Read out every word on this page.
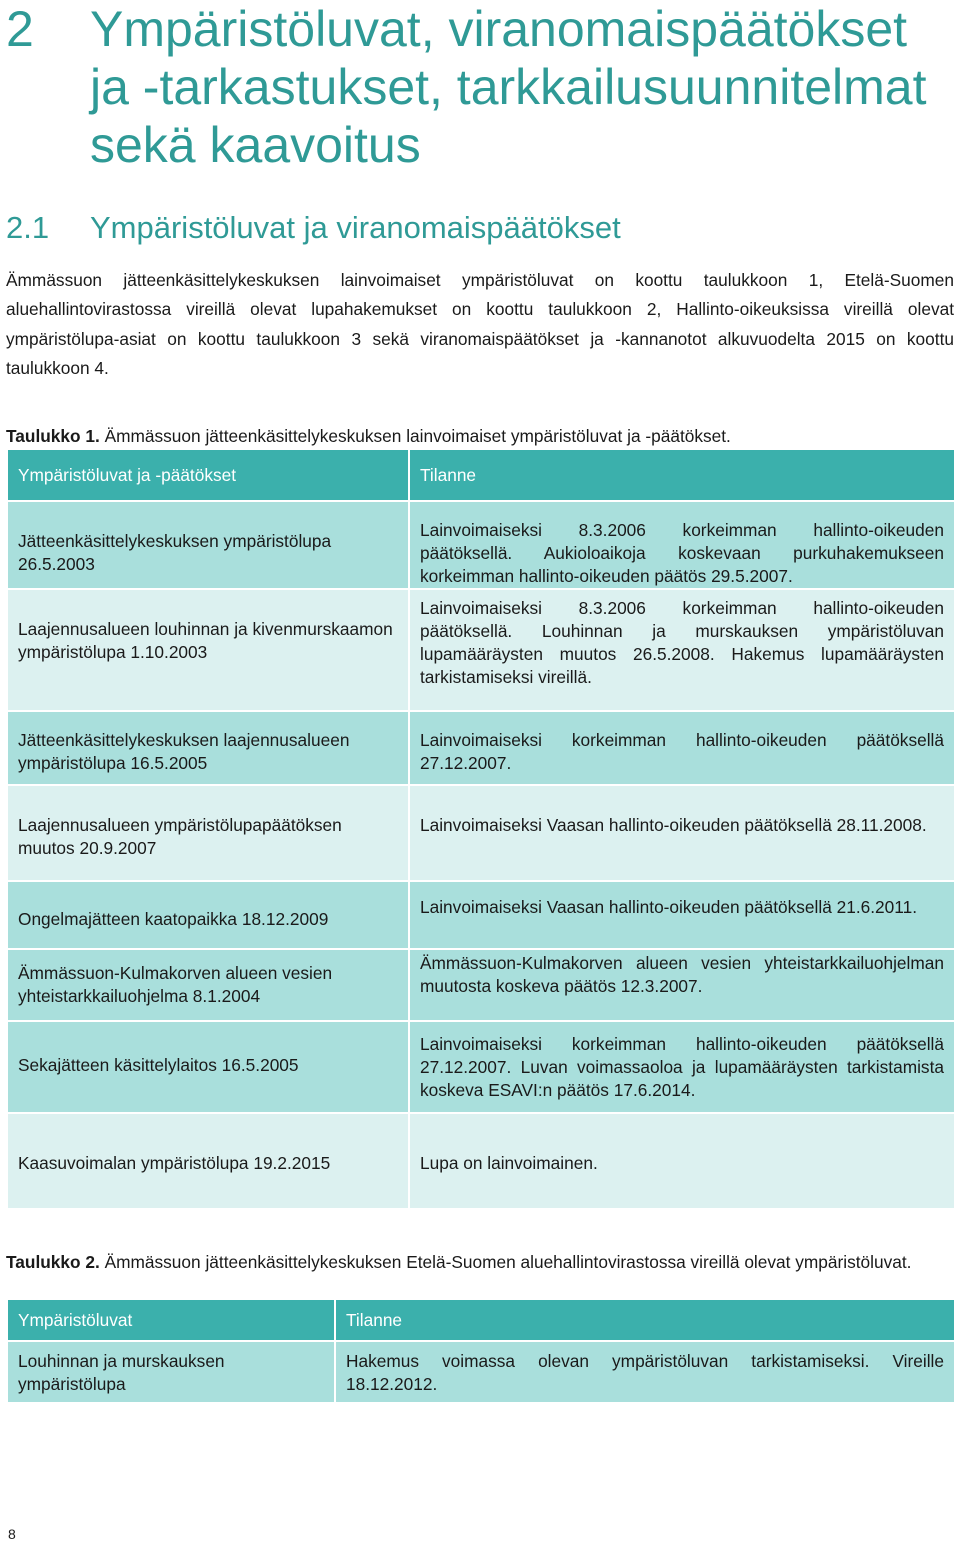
2 Ympäristöluvat, viranomaispäätökset
ja -tarkastukset, tarkkailusuunnitelmat
sekä kaavoitus
2.1 Ympäristöluvat ja viranomaispäätökset

Ämmässuon jätteenkäsittelykeskuksen lainvoimaiset ympäristöluvat on koottu taulukkoon 1, Etelä-Suomen aluehallintovirastossa vireillä olevat lupahakemukset on koottu taulukkoon 2, Hallinto-oikeuksissa vireillä olevat ympäristölupa-asiat on koottu taulukkoon 3 sekä viranomaispäätökset ja -kannanotot alkuvuodelta 2015 on koottu taulukkoon 4.

Taulukko 1. Ämmässuon jätteenkäsittelykeskuksen lainvoimaiset ympäristöluvat ja -päätökset.
Ympäristöluvat ja -päätökset	Tilanne
Jätteenkäsittelykeskuksen ympäristölupa 26.5.2003	Lainvoimaiseksi 8.3.2006 korkeimman hallinto-oikeuden päätöksellä. Aukioloaikoja koskevaan purkuhakemukseen korkeimman hallinto-oikeuden päätös 29.5.2007.
Laajennusalueen louhinnan ja kivenmurskaamon ympäristölupa 1.10.2003	Lainvoimaiseksi 8.3.2006 korkeimman hallinto-oikeuden päätöksellä. Louhinnan ja murskauksen ympäristöluvan lupamääräysten muutos 26.5.2008. Hakemus lupamääräysten tarkistamiseksi vireillä.
Jätteenkäsittelykeskuksen laajennusalueen ympäristölupa 16.5.2005	Lainvoimaiseksi korkeimman hallinto-oikeuden päätöksellä 27.12.2007.
Laajennusalueen ympäristölupapäätöksen muutos 20.9.2007	Lainvoimaiseksi Vaasan hallinto-oikeuden päätöksellä 28.11.2008.
Ongelmajätteen kaatopaikka 18.12.2009	Lainvoimaiseksi Vaasan hallinto-oikeuden päätöksellä 21.6.2011.
Ämmässuon-Kulmakorven alueen vesien yhteistarkkailuohjelma 8.1.2004	Ämmässuon-Kulmakorven alueen vesien yhteistarkkailuohjelman muutosta koskeva päätös 12.3.2007.
Sekajätteen käsittelylaitos 16.5.2005	Lainvoimaiseksi korkeimman hallinto-oikeuden päätöksellä 27.12.2007. Luvan voimassaoloa ja lupamääräysten tarkistamista koskeva ESAVI:n päätös 17.6.2014.
Kaasuvoimalan ympäristölupa 19.2.2015	Lupa on lainvoimainen.
Taulukko 2. Ämmässuon jätteenkäsittelykeskuksen Etelä-Suomen aluehallintovirastossa vireillä olevat ympäristöluvat.
Ympäristöluvat	Tilanne
Louhinnan ja murskauksen ympäristölupa	Hakemus voimassa olevan ympäristöluvan tarkistamiseksi. Vireille 18.12.2012.
8
